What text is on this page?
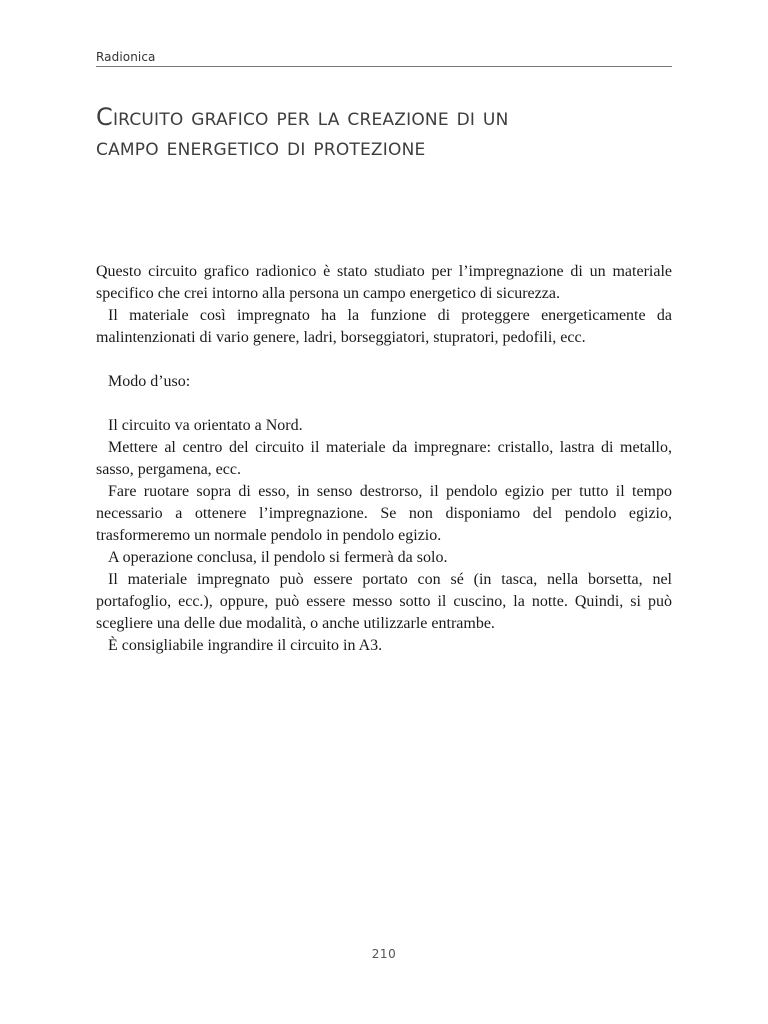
Radionica
Circuito grafico per la creazione di un
campo energetico di protezione

Questo circuito grafico radionico è stato studiato per l’impregnazione di un materiale specifico che crei intorno alla persona un campo energetico di sicurezza.

Il materiale così impregnato ha la funzione di proteggere energeticamente da malintenzionati di vario genere, ladri, borseggiatori, stupratori, pedofili, ecc.

Modo d’uso:

Il circuito va orientato a Nord.

Mettere al centro del circuito il materiale da impregnare: cristallo, lastra di metallo, sasso, pergamena, ecc.

Fare ruotare sopra di esso, in senso destrorso, il pendolo egizio per tutto il tempo necessario a ottenere l’impregnazione. Se non disponiamo del pendolo egizio, trasformeremo un normale pendolo in pendolo egizio.

A operazione conclusa, il pendolo si fermerà da solo.

Il materiale impregnato può essere portato con sé (in tasca, nella borsetta, nel portafoglio, ecc.), oppure, può essere messo sotto il cuscino, la notte. Quindi, si può scegliere una delle due modalità, o anche utilizzarle entrambe.

È consigliabile ingrandire il circuito in A3.

210
